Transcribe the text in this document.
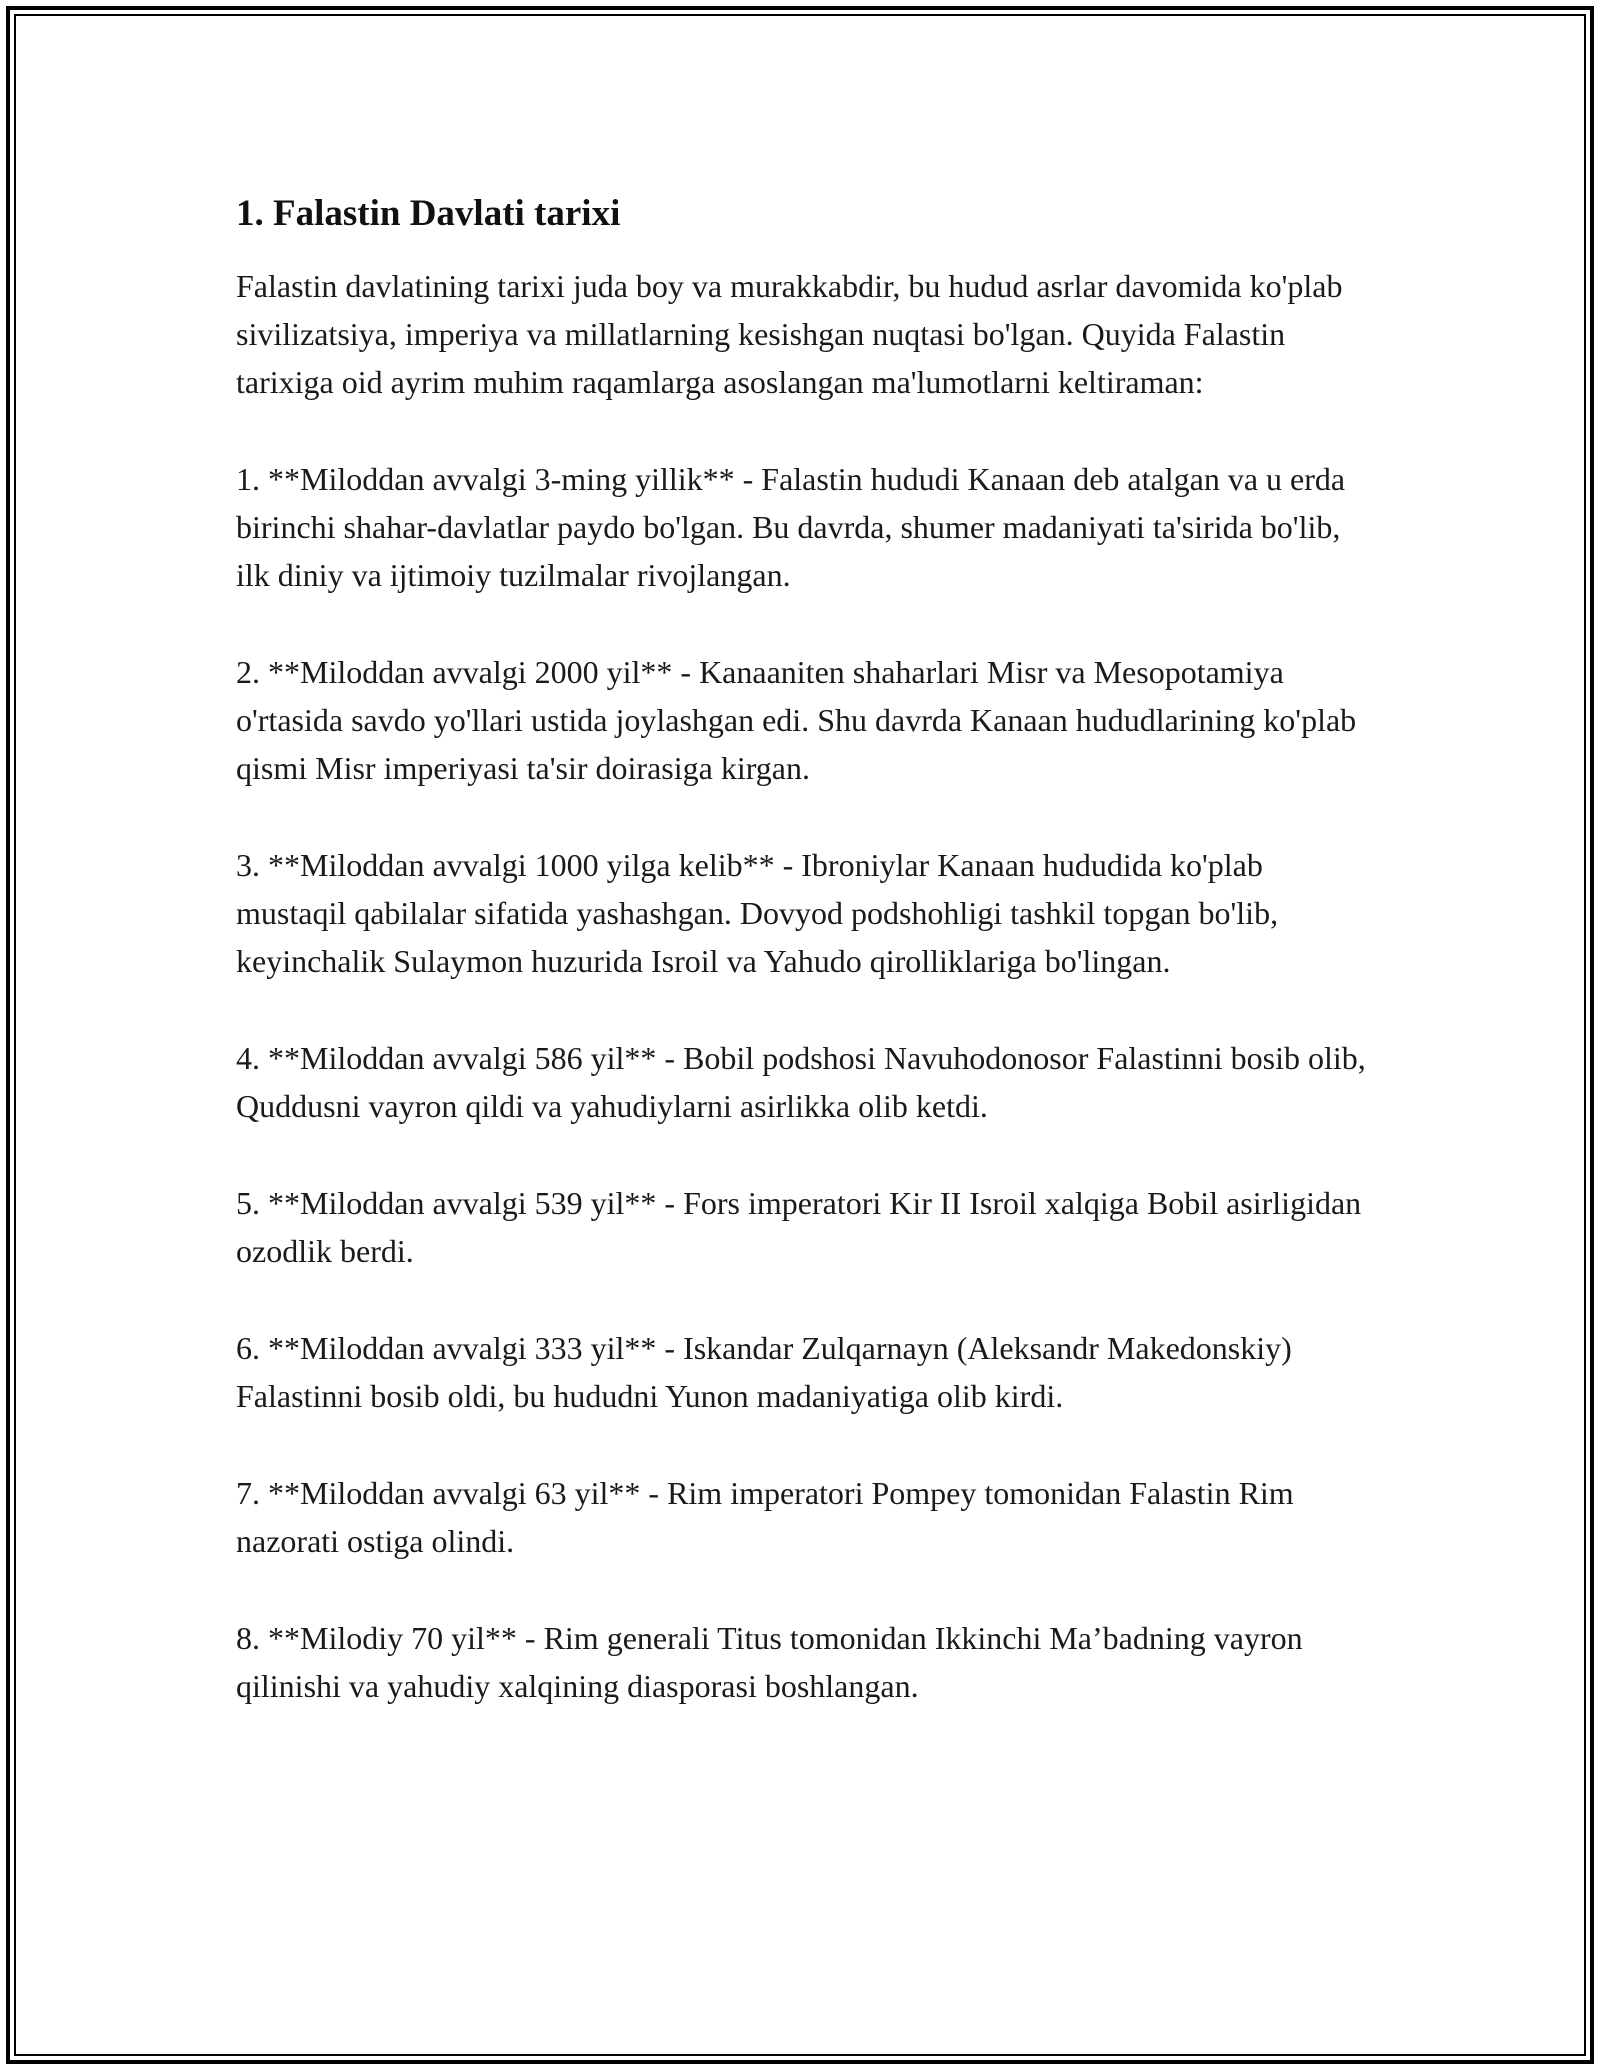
1. Falastin Davlati tarixi

Falastin davlatining tarixi juda boy va murakkabdir, bu hudud asrlar davomida ko'plab sivilizatsiya, imperiya va millatlarning kesishgan nuqtasi bo'lgan. Quyida Falastin tarixiga oid ayrim muhim raqamlarga asoslangan ma'lumotlarni keltiraman:

1. **Miloddan avvalgi 3-ming yillik** - Falastin hududi Kanaan deb atalgan va u erda birinchi shahar-davlatlar paydo bo'lgan. Bu davrda, shumer madaniyati ta'sirida bo'lib, ilk diniy va ijtimoiy tuzilmalar rivojlangan.

2. **Miloddan avvalgi 2000 yil** - Kanaaniten shaharlari Misr va Mesopotamiya o'rtasida savdo yo'llari ustida joylashgan edi. Shu davrda Kanaan hududlarining ko'plab qismi Misr imperiyasi ta'sir doirasiga kirgan.

3. **Miloddan avvalgi 1000 yilga kelib** - Ibroniylar Kanaan hududida ko'plab mustaqil qabilalar sifatida yashashgan. Dovyod podshohligi tashkil topgan bo'lib, keyinchalik Sulaymon huzurida Isroil va Yahudo qirolliklariga bo'lingan.

4. **Miloddan avvalgi 586 yil** - Bobil podshosi Navuhodonosor Falastinni bosib olib, Quddusni vayron qildi va yahudiylarni asirlikka olib ketdi.

5. **Miloddan avvalgi 539 yil** - Fors imperatori Kir II Isroil xalqiga Bobil asirligidan ozodlik berdi.

6. **Miloddan avvalgi 333 yil** - Iskandar Zulqarnayn (Aleksandr Makedonskiy) Falastinni bosib oldi, bu hududni Yunon madaniyatiga olib kirdi.

7. **Miloddan avvalgi 63 yil** - Rim imperatori Pompey tomonidan Falastin Rim nazorati ostiga olindi.

8. **Milodiy 70 yil** - Rim generali Titus tomonidan Ikkinchi Ma’badning vayron qilinishi va yahudiy xalqining diasporasi boshlangan.
